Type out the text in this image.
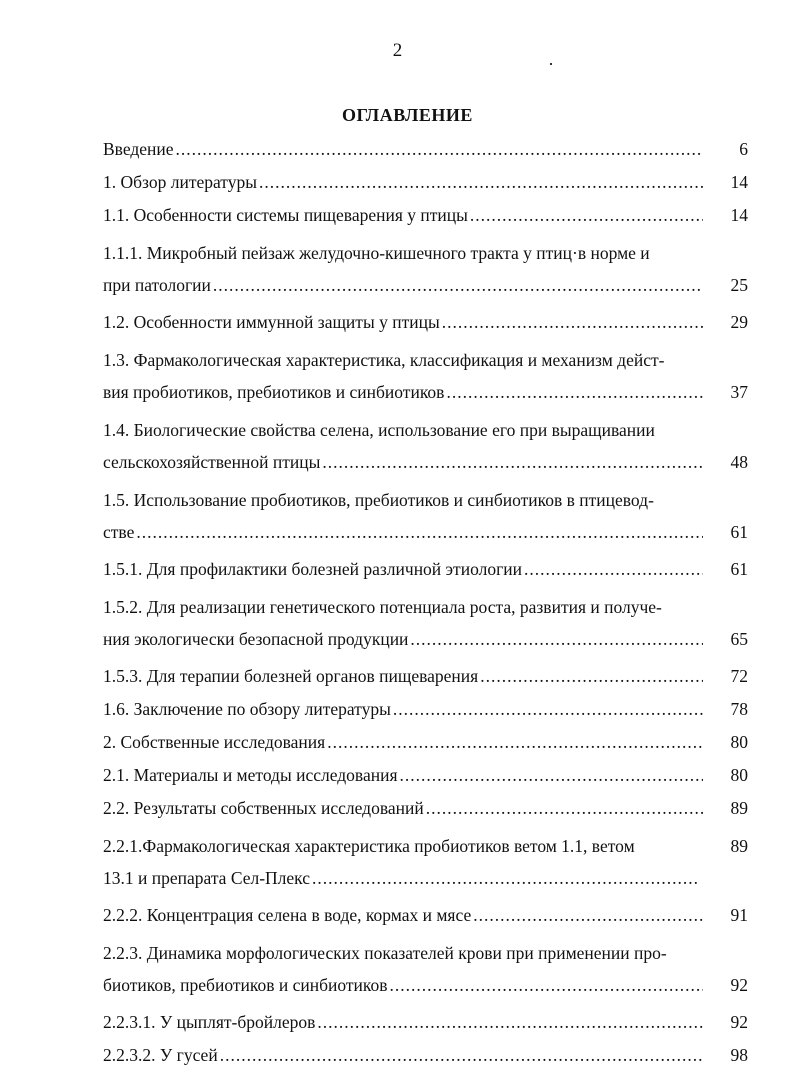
2
ОГЛАВЛЕНИЕ
Введение .....	6
1. Обзор литературы .....	14
1.1. Особенности системы пищеварения у птицы .....	14
1.1.1. Микробный пейзаж желудочно-кишечного тракта у птиц·в норме и
при патологии .....	25
1.2. Особенности иммунной защиты у птицы .....	29
1.3. Фармакологическая характеристика, классификация и механизм дейст-
вия пробиотиков, пребиотиков и синбиотиков .....	37
1.4. Биологические свойства селена, использование его при выращивании
сельскохозяйственной птицы .....	48
1.5. Использование пробиотиков, пребиотиков и синбиотиков в птицевод-
стве .....	61
1.5.1. Для профилактики болезней различной этиологии .....	61
1.5.2. Для реализации генетического потенциала роста, развития и получе-
ния экологически безопасной продукции .....	65
1.5.3. Для терапии болезней органов пищеварения .....	72
1.6. Заключение по обзору литературы .....	78
2. Собственные исследования .....	80
2.1. Материалы и методы исследования .....	80
2.2. Результаты собственных исследований .....	89
2.2.1.Фармакологическая характеристика пробиотиков ветом 1.1, ветом	89
13.1 и препарата Сел-Плекс
.....
2.2.2. Концентрация селена в воде, кормах и мясе .....	91
2.2.3. Динамика морфологических показателей крови при применении про-
биотиков, пребиотиков и синбиотиков .....	92
2.2.3.1. У цыплят-бройлеров .....	92
2.2.3.2. У гусей .....	98
